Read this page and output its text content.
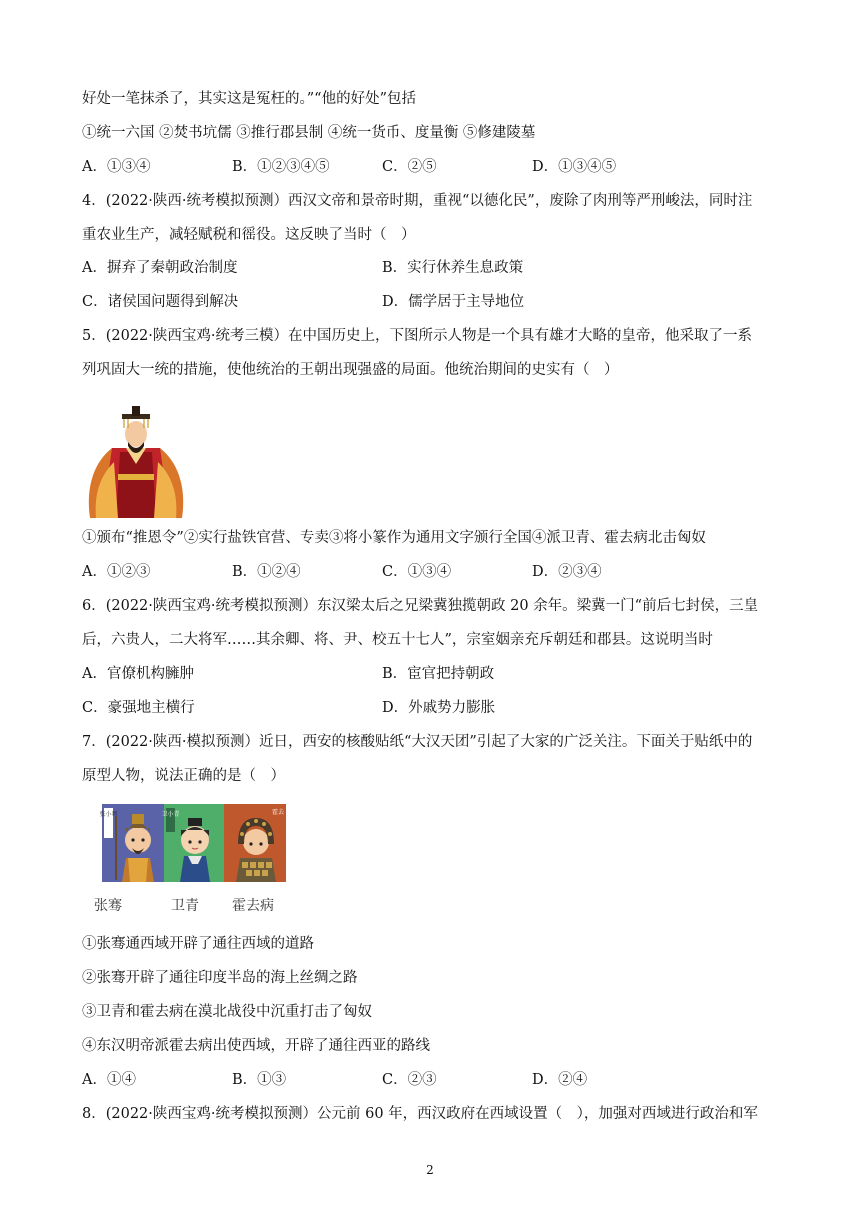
好处一笔抹杀了，其实这是冤枉的。”“他的好处”包括
①统一六国 ②焚书坑儒 ③推行郡县制 ④统一货币、度量衡 ⑤修建陵墓
A．①③④	B．①②③④⑤	C．②⑤	D．①③④⑤
4．(2022·陕西·统考模拟预测）西汉文帝和景帝时期，重视“以德化民”，废除了肉刑等严刑峻法，同时注
重农业生产，减轻赋税和徭役。这反映了当时（　）
A．摒弃了秦朝政治制度	B．实行休养生息政策
C．诸侯国问题得到解决	D．儒学居于主导地位
5．(2022·陕西宝鸡·统考三模）在中国历史上，下图所示人物是一个具有雄才大略的皇帝，他采取了一系
列巩固大一统的措施，使他统治的王朝出现强盛的局面。他统治期间的史实有（　）
①颁布“推恩令”②实行盐铁官营、专卖③将小篆作为通用文字颁行全国④派卫青、霍去病北击匈奴
A．①②③	B．①②④	C．①③④	D．②③④
6．(2022·陕西宝鸡·统考模拟预测）东汉梁太后之兄梁冀独揽朝政 20 余年。梁冀一门“前后七封侯，三皇
后，六贵人，二大将军……其余卿、将、尹、校五十七人”，宗室姻亲充斥朝廷和郡县。这说明当时
A．官僚机构臃肿	B．宦官把持朝政
C．豪强地主横行	D．外戚势力膨胀
7．(2022·陕西·模拟预测）近日，西安的核酸贴纸“大汉天团”引起了大家的广泛关注。下面关于贴纸中的
原型人物，说法正确的是（　）
张小骞	卫小青	霍去
张骞	卫青 霍去病
①张骞通西域开辟了通往西域的道路
②张骞开辟了通往印度半岛的海上丝绸之路
③卫青和霍去病在漠北战役中沉重打击了匈奴
④东汉明帝派霍去病出使西域，开辟了通往西亚的路线
A．①④	B．①③	C．②③	D．②④
8．(2022·陕西宝鸡·统考模拟预测）公元前 60 年，西汉政府在西域设置（　），加强对西域进行政治和军
2
